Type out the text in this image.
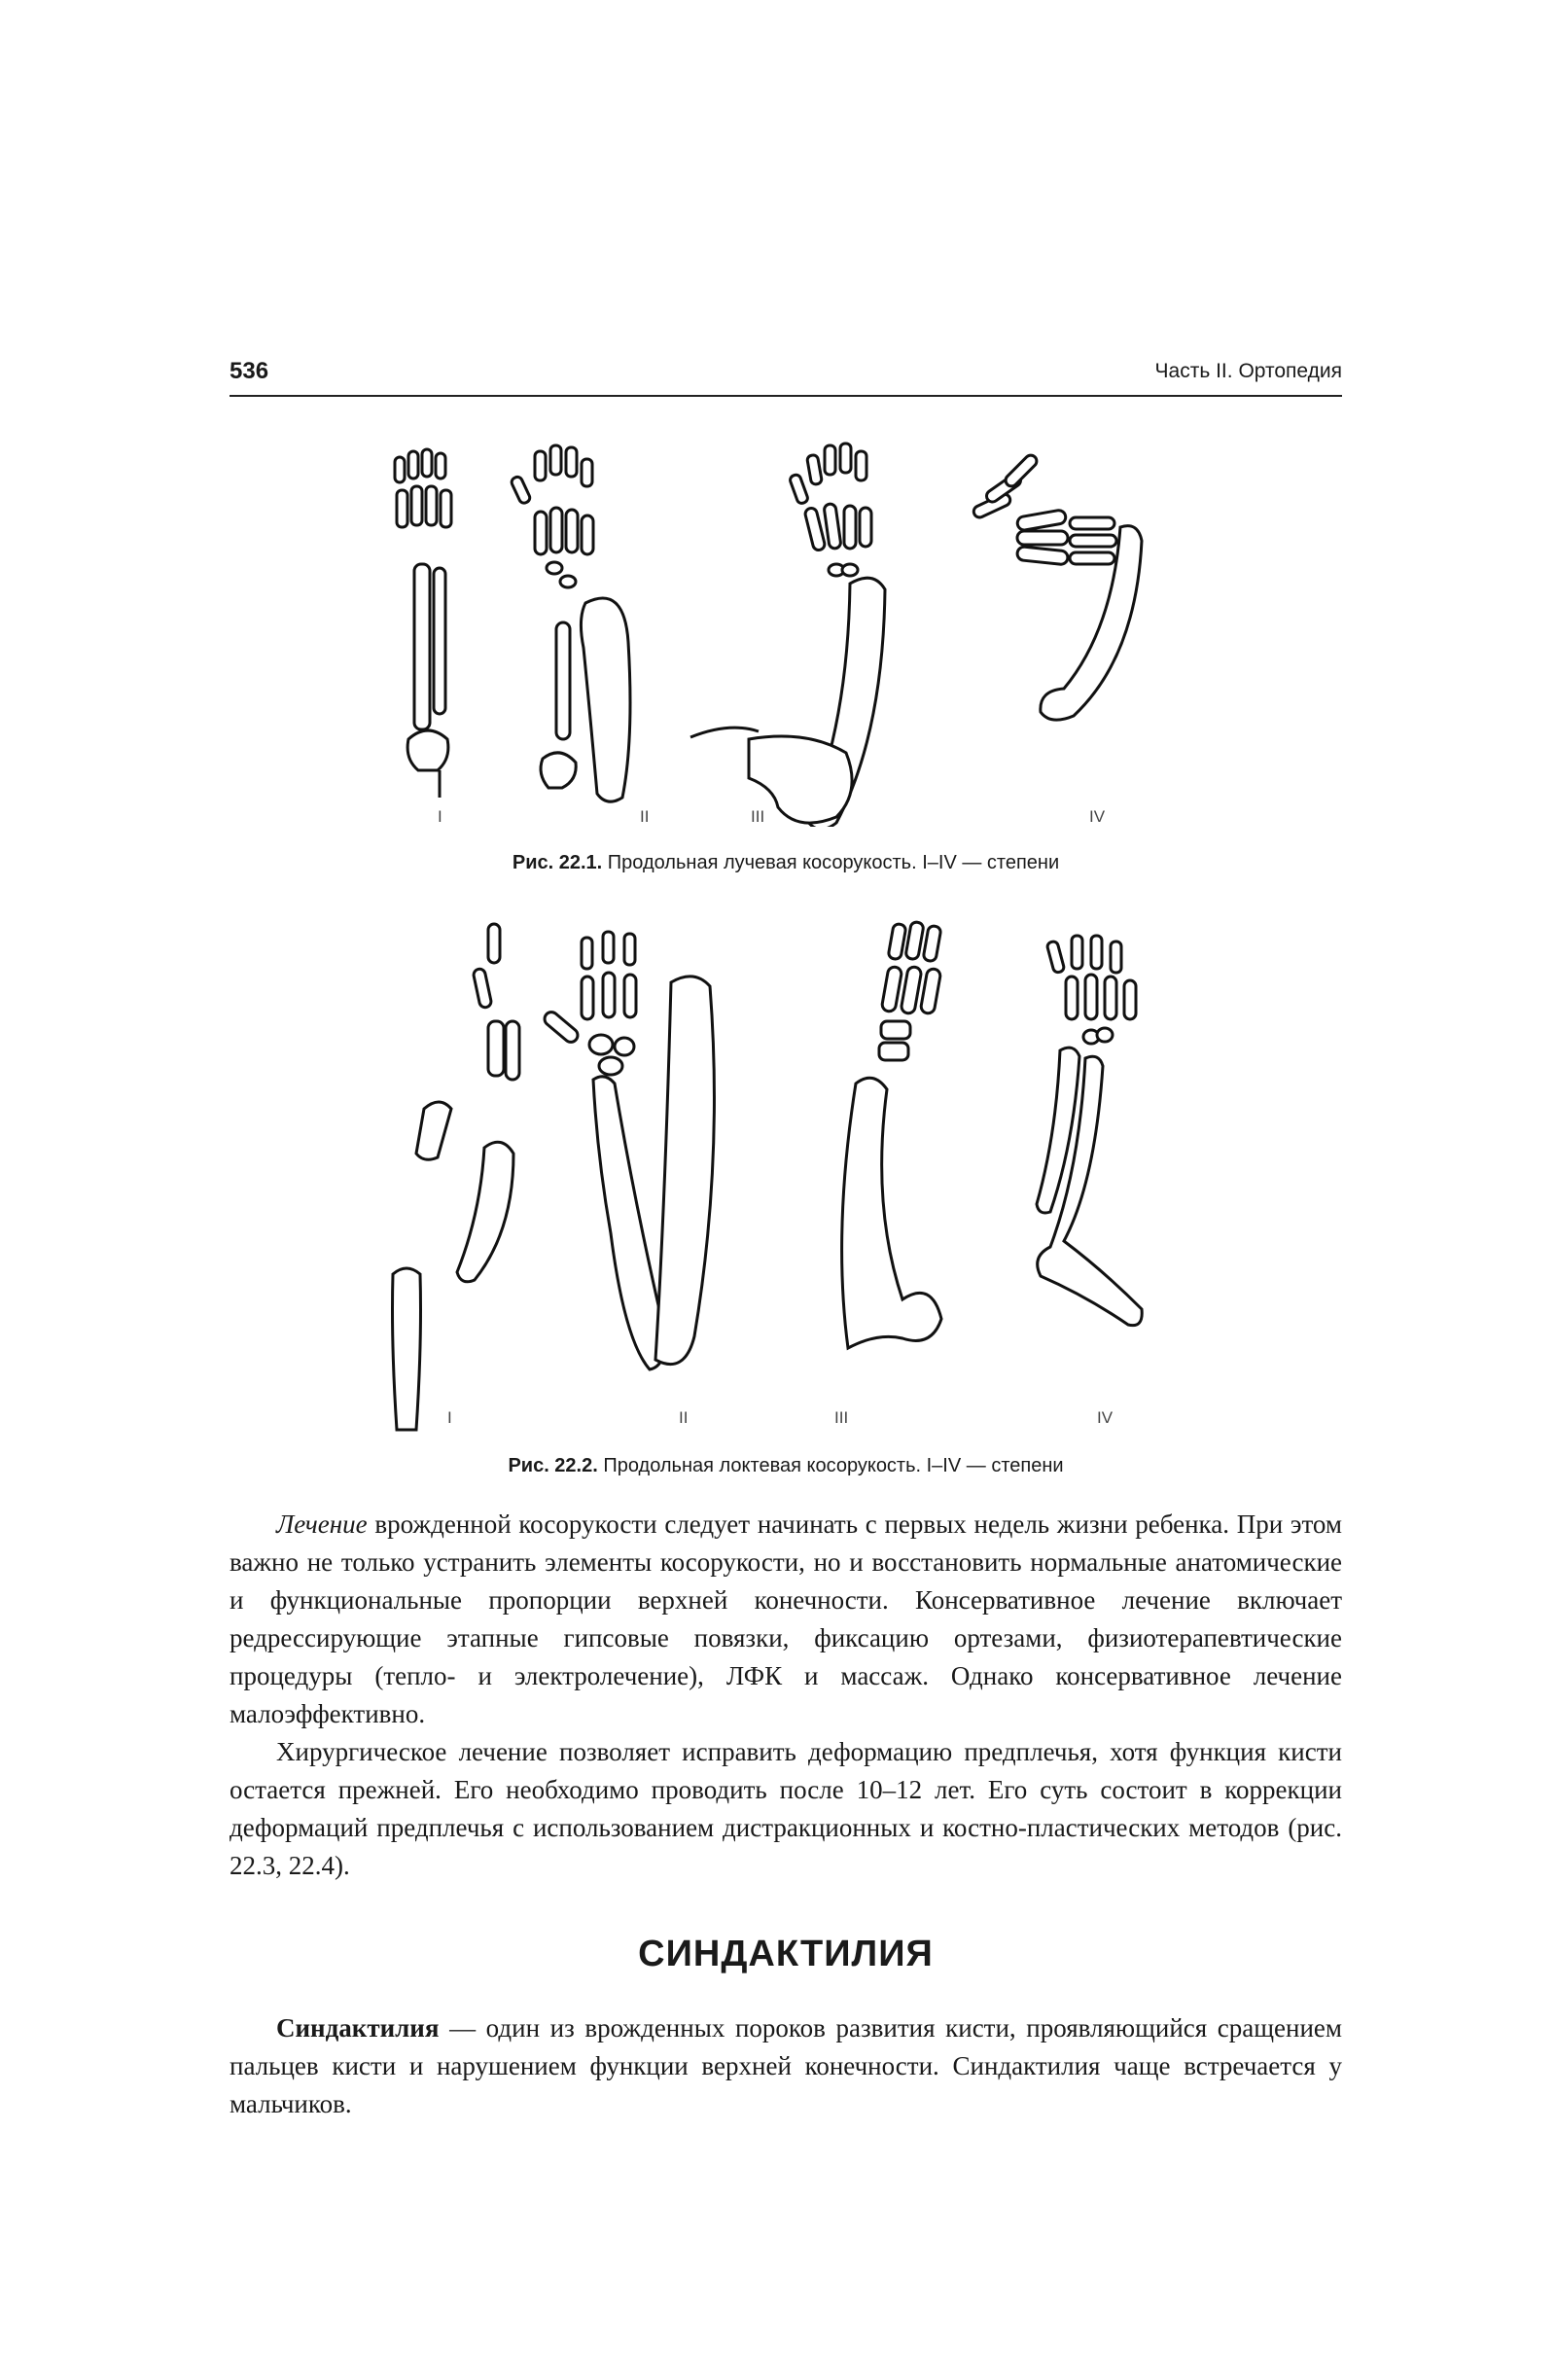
536	Часть II. Ортопедия
I	II	III	IV
Рис. 22.1. Продольная лучевая косорукость. I–IV — степени
I	II	III	IV
Рис. 22.2. Продольная локтевая косорукость. I–IV — степени

Лечение врожденной косорукости следует начинать с первых недель жизни ребенка. При этом важно не только устранить элементы косорукости, но и восстановить нормальные анатомические и функциональные пропорции верхней конечности. Консервативное лечение включает редрессирующие этапные гипсовые повязки, фиксацию ортезами, физиотерапевтические процедуры (тепло- и электролечение), ЛФК и массаж. Однако консервативное лечение малоэффективно.

Хирургическое лечение позволяет исправить деформацию предплечья, хотя функция кисти остается прежней. Его необходимо проводить после 10–12 лет. Его суть состоит в коррекции деформаций предплечья с использованием дистракционных и костно-пластических методов (рис. 22.3, 22.4).

СИНДАКТИЛИЯ

Синдактилия — один из врожденных пороков развития кисти, проявляющийся сращением пальцев кисти и нарушением функции верхней конечности. Синдактилия чаще встречается у мальчиков.
